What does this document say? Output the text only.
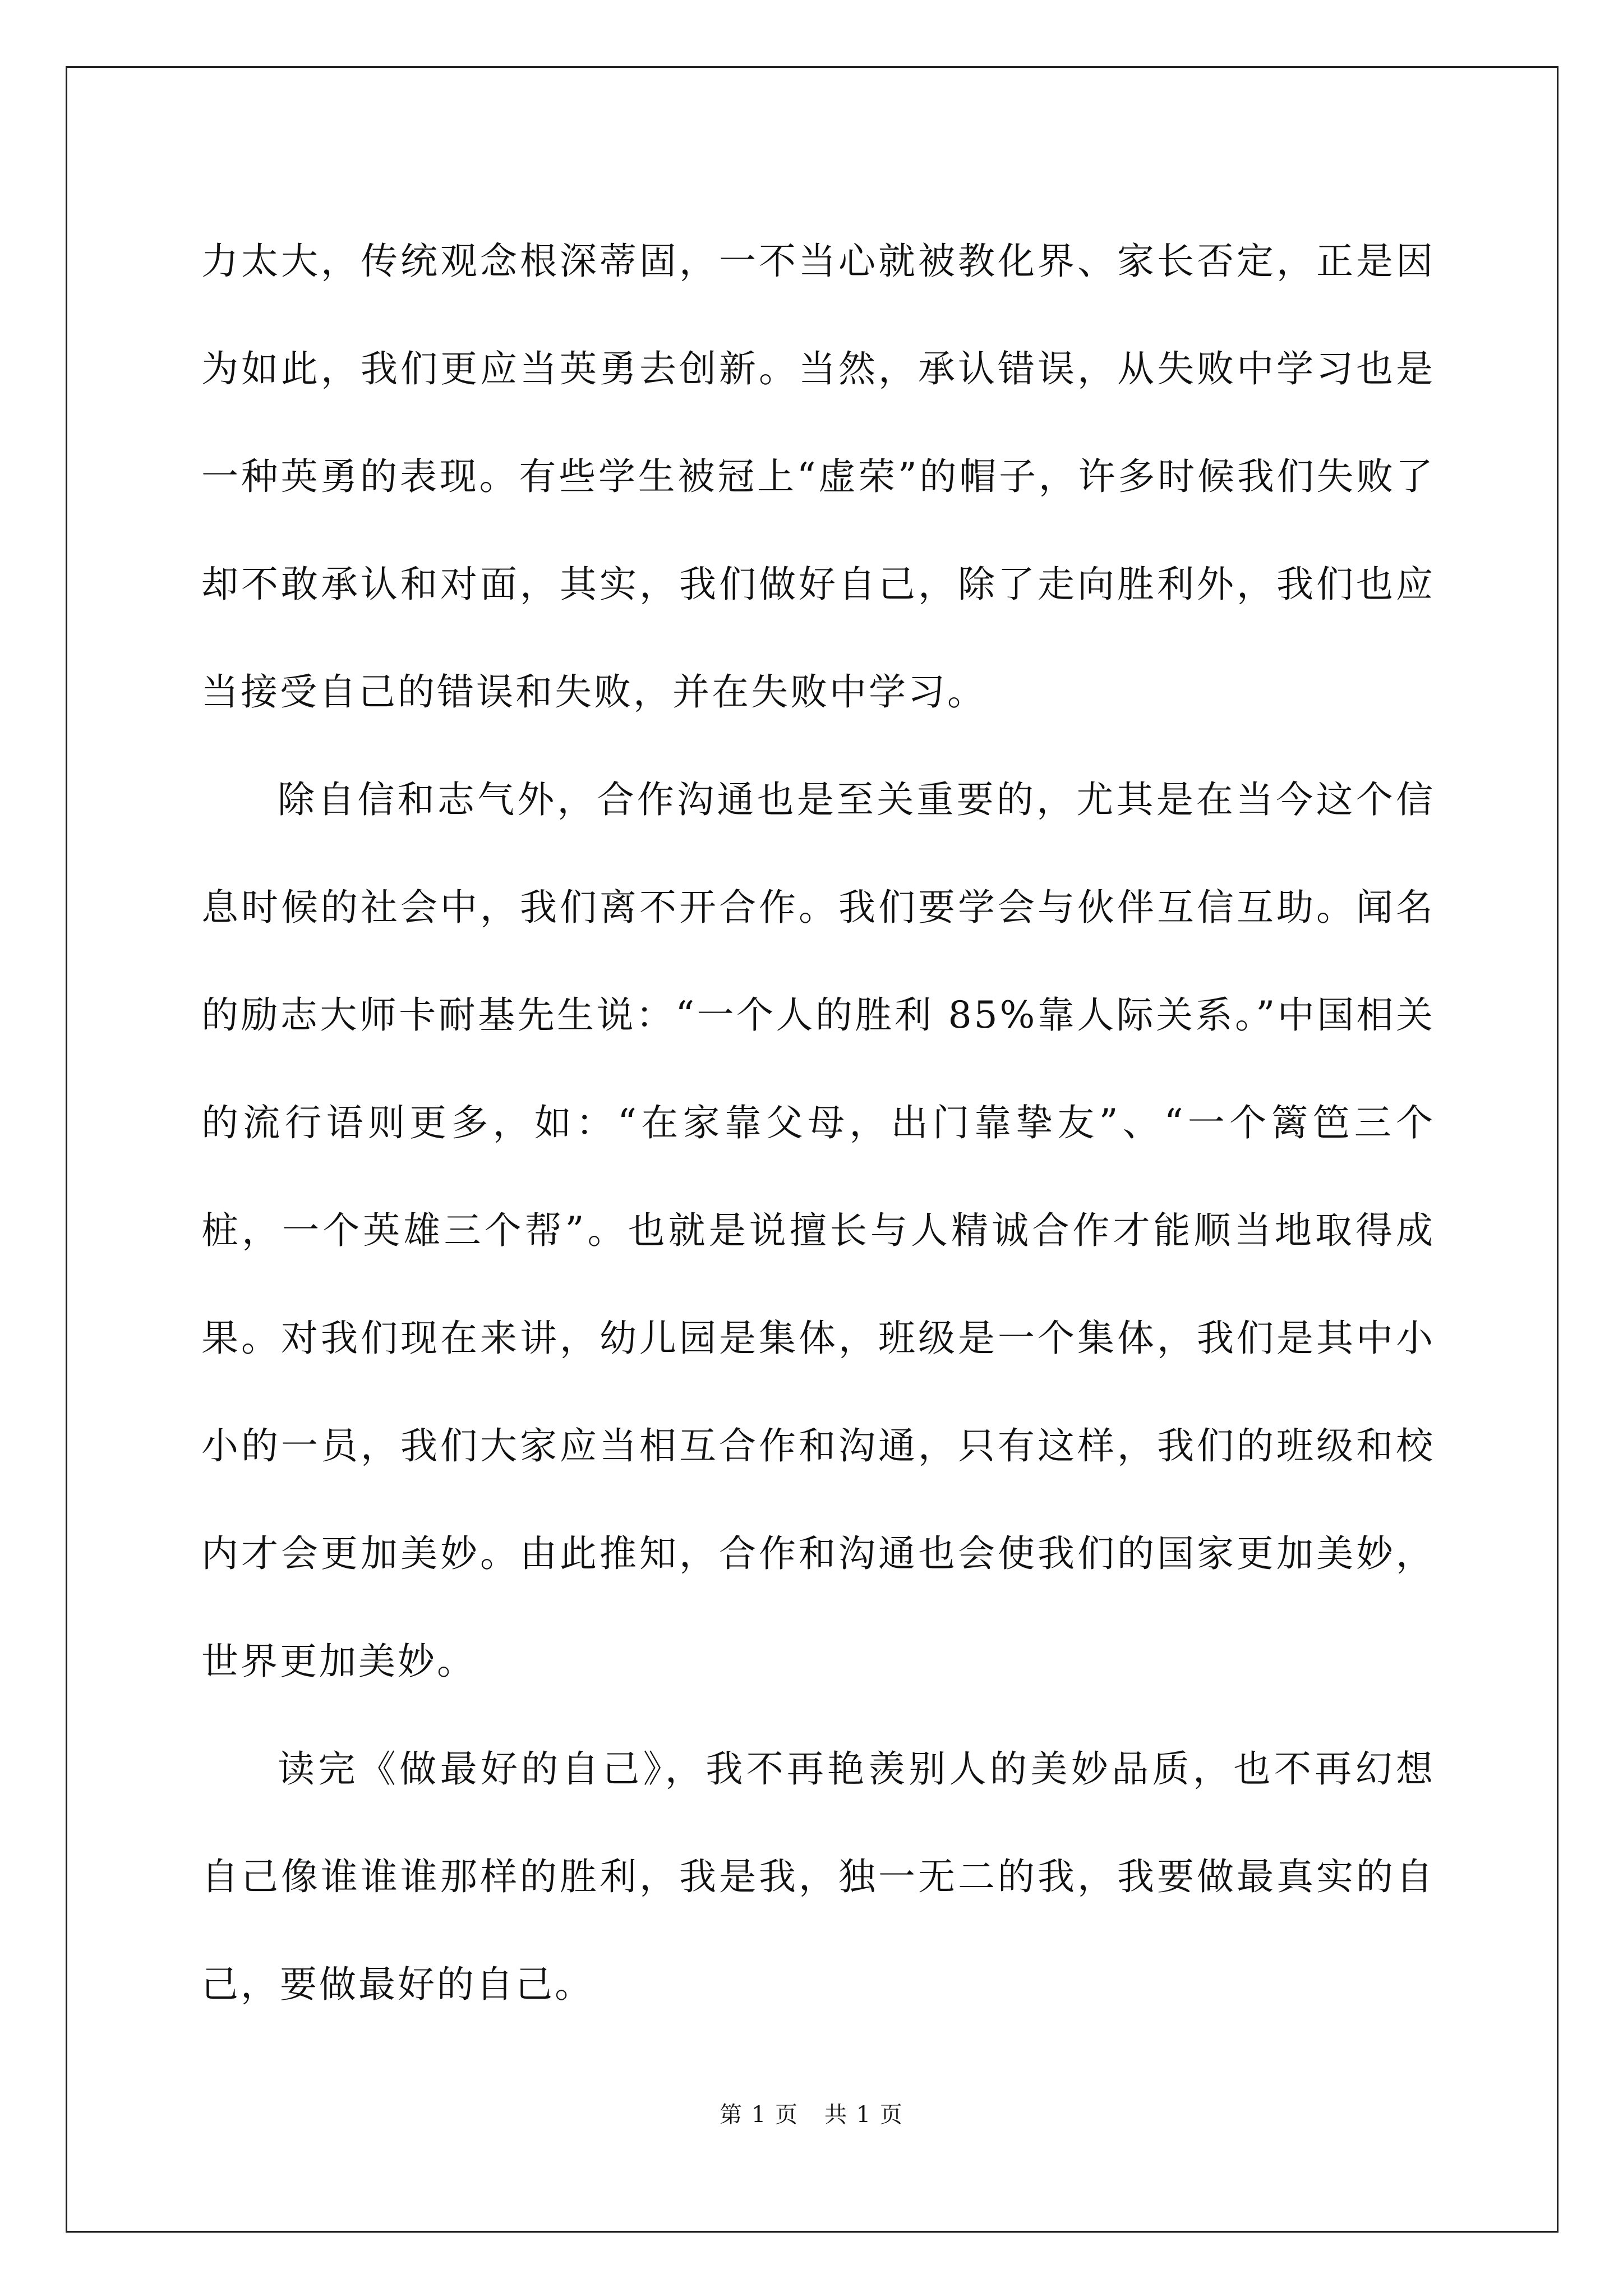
力太大，传统观念根深蒂固，一不当心就被教化界、家长否定，正是因为如此，我们更应当英勇去创新。当然，承认错误，从失败中学习也是一种英勇的表现。有些学生被冠上“虚荣”的帽子，许多时候我们失败了却不敢承认和对面，其实，我们做好自己，除了走向胜利外，我们也应当接受自己的错误和失败，并在失败中学习。

除自信和志气外，合作沟通也是至关重要的，尤其是在当今这个信息时候的社会中，我们离不开合作。我们要学会与伙伴互信互助。闻名的励志大师卡耐基先生说：“一个人的胜利 85%靠人际关系。”中国相关的流行语则更多，如：“在家靠父母，出门靠挚友”、“一个篱笆三个桩，一个英雄三个帮”。也就是说擅长与人精诚合作才能顺当地取得成果。对我们现在来讲，幼儿园是集体，班级是一个集体，我们是其中小小的一员，我们大家应当相互合作和沟通，只有这样，我们的班级和校内才会更加美妙。由此推知，合作和沟通也会使我们的国家更加美妙，世界更加美妙。

读完《做最好的自己》，我不再艳羡别人的美妙品质，也不再幻想自己像谁谁谁那样的胜利，我是我，独一无二的我，我要做最真实的自己，要做最好的自己。

第 1 页 共 1 页
